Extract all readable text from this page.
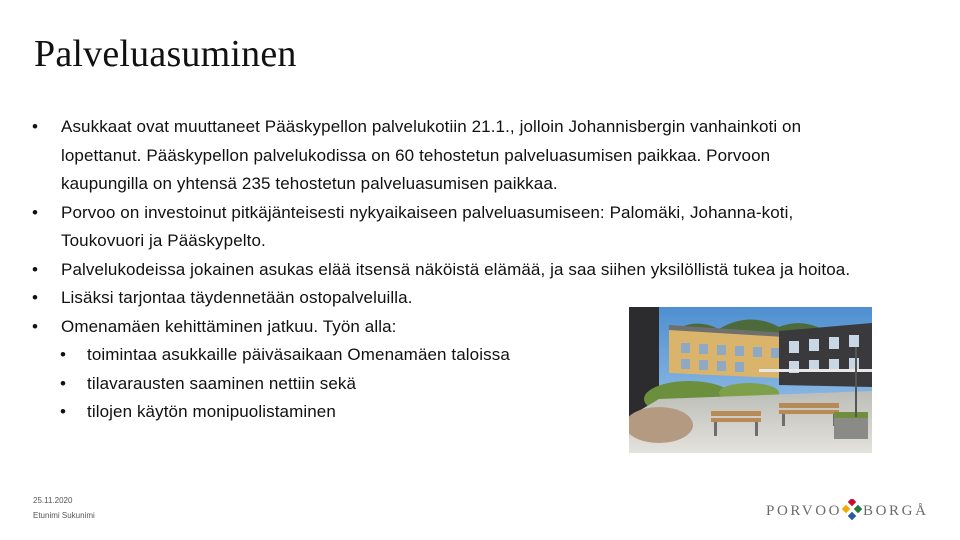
Palveluasuminen
•	Asukkaat ovat muuttaneet Pääskypellon palvelukotiin 21.1., jolloin Johannisbergin vanhainkoti on lopettanut. Pääskypellon palvelukodissa on 60 tehostetun palveluasumisen paikkaa. Porvoon kaupungilla on yhtensä 235 tehostetun palveluasumisen paikkaa.
•	Porvoo on investoinut pitkäjänteisesti nykyaikaiseen palveluasumiseen: Palomäki, Johanna-koti, Toukovuori ja Pääskypelto.
•	Palvelukodeissa jokainen asukas elää itsensä näköistä elämää, ja saa siihen yksilöllistä tukea ja hoitoa.
•	Lisäksi tarjontaa täydennetään ostopalveluilla.
•	Omenamäen kehittäminen jatkuu. Työn alla:
•	toimintaa asukkaille päiväsaikaan Omenamäen taloissa
•	tilavarausten saaminen nettiin sekä
•	tilojen käytön monipuolistaminen
25.11.2020
Etunimi Sukunimi	PORVOO BORGÅ
